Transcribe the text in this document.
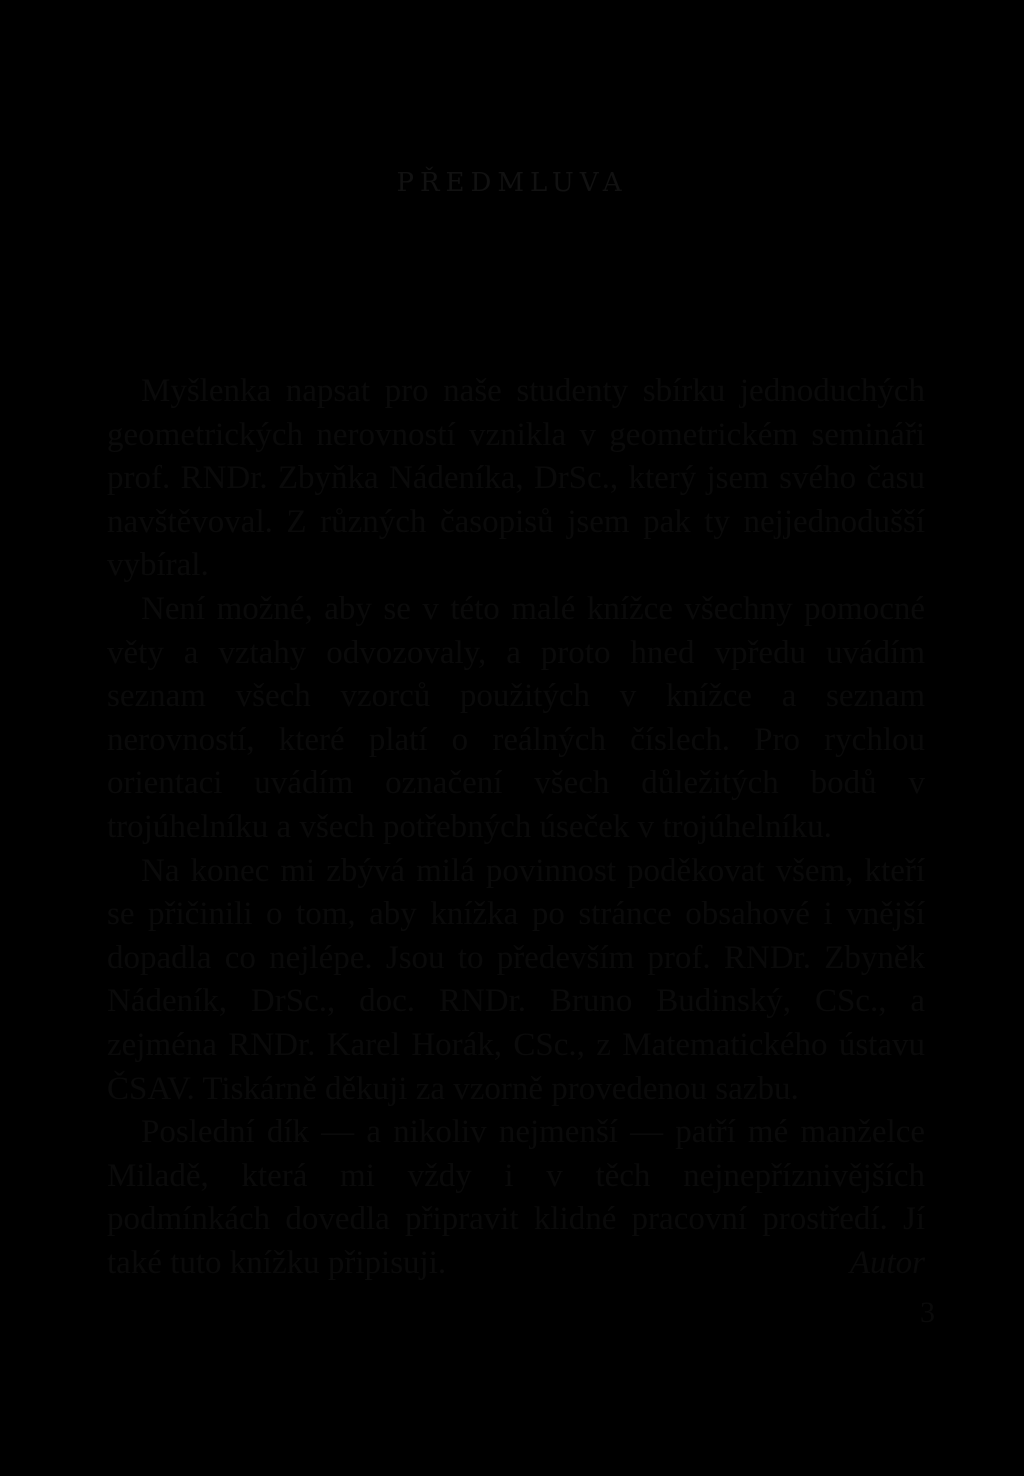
PŘEDMLUVA

Myšlenka napsat pro naše studenty sbírku jednoduchých geometrických nerovností vznikla v geometrickém semináři prof. RNDr. Zbyňka Nádeníka, DrSc., který jsem svého času navštěvoval. Z různých časopisů jsem pak ty nejjednodušší vybíral.

Není možné, aby se v této malé knížce všechny pomocné věty a vztahy odvozovaly, a proto hned vpředu uvádím seznam všech vzorců použitých v knížce a seznam nerovností, které platí o reálných číslech. Pro rychlou orientaci uvádím označení všech důležitých bodů v trojúhelníku a všech potřebných úseček v trojúhelníku.

Na konec mi zbývá milá povinnost poděkovat všem, kteří se přičinili o tom, aby knížka po stránce obsahové i vnější dopadla co nejlépe. Jsou to především prof. RNDr. Zbyněk Nádeník, DrSc., doc. RNDr. Bruno Budinský, CSc., a zejména RNDr. Karel Horák, CSc., z Matematického ústavu ČSAV. Tiskárně děkuji za vzorně provedenou sazbu.

Poslední dík — a nikoliv nejmenší — patří mé manželce Miladě, která mi vždy i v těch nejnepříznivějších podmínkách dovedla připravit klidné pracovní prostředí. Jí také tuto knížku připisuji.	Autor

3
